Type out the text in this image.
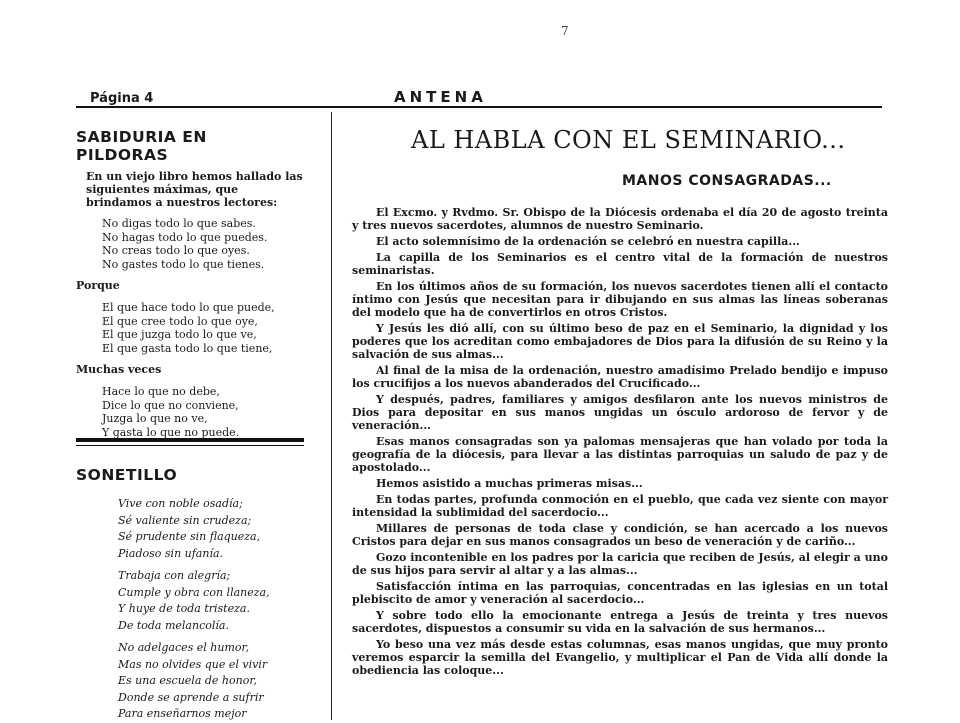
7
Página 4	ANTENA
SABIDURIA EN PILDORAS

En un viejo libro hemos hallado las siguientes máximas, que brindamos a nuestros lectores:

No digas todo lo que sabes.
No hagas todo lo que puedes.
No creas todo lo que oyes.
No gastes todo lo que tienes.

Porque

El que hace todo lo que puede,
El que cree todo lo que oye,
El que juzga todo lo que ve,
El que gasta todo lo que tiene,

Muchas veces

Hace lo que no debe,
Dice lo que no conviene,
Juzga lo que no ve,
Y gasta lo que no puede.
SONETILLO
Vive con noble osadía;
Sé valiente sin crudeza;
Sé prudente sin flaqueza,
Piadoso sin ufanía.
Trabaja con alegría;
Cumple y obra con llaneza,
Y huye de toda tristeza.
De toda melancolía.
No adelgaces el humor,
Mas no olvides que el vivir
Es una escuela de honor,
Donde se aprende a sufrir
Para enseñarnos mejor
AL HABLA CON EL SEMINARIO...
MANOS CONSAGRADAS...

El Excmo. y Rvdmo. Sr. Obispo de la Diócesis ordenaba el día 20 de agosto treinta y tres nuevos sacerdotes, alumnos de nuestro Seminario.

El acto solemnísimo de la ordenación se celebró en nuestra capilla...

La capilla de los Seminarios es el centro vital de la formación de nuestros seminaristas.

En los últimos años de su formación, los nuevos sacerdotes tienen allí el contacto íntimo con Jesús que necesitan para ir dibujando en sus almas las líneas soberanas del modelo que ha de convertirlos en otros Cristos.

Y Jesús les dió allí, con su último beso de paz en el Seminario, la dignidad y los poderes que los acreditan como embajadores de Dios para la difusión de su Reino y la salvación de sus almas...

Al final de la misa de la ordenación, nuestro amadísimo Prelado bendijo e impuso los crucifijos a los nuevos abanderados del Crucificado...

Y después, padres, familiares y amigos desfilaron ante los nuevos ministros de Dios para depositar en sus manos ungidas un ósculo ardoroso de fervor y de veneración...

Esas manos consagradas son ya palomas mensajeras que han volado por toda la geografía de la diócesis, para llevar a las distintas parroquias un saludo de paz y de apostolado...

Hemos asistido a muchas primeras misas...

En todas partes, profunda conmoción en el pueblo, que cada vez siente con mayor intensidad la sublimidad del sacerdocio...

Millares de personas de toda clase y condición, se han acercado a los nuevos Cristos para dejar en sus manos consagrados un beso de veneración y de cariño...

Gozo incontenible en los padres por la caricia que reciben de Jesús, al elegir a uno de sus hijos para servir al altar y a las almas...

Satisfacción íntima en las parroquias, concentradas en las iglesias en un total plebiscito de amor y veneración al sacerdocio...

Y sobre todo ello la emocionante entrega a Jesús de treinta y tres nuevos sacerdotes, dispuestos a consumir su vida en la salvación de sus hermanos...

Yo beso una vez más desde estas columnas, esas manos ungidas, que muy pronto veremos esparcir la semilla del Evangelio, y multiplicar el Pan de Vida allí donde la obediencia las coloque...
